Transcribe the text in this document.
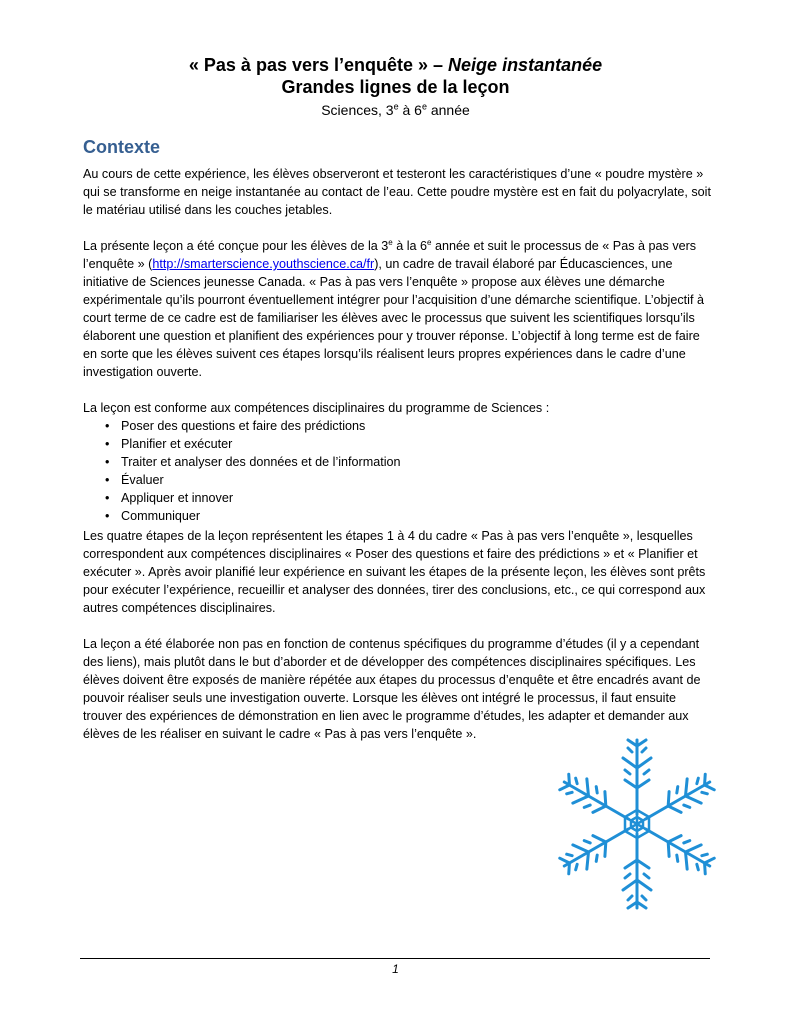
« Pas à pas vers l’enquête » – Neige instantanée

Grandes lignes de la leçon

Sciences, 3e à 6e année

Contexte

Au cours de cette expérience, les élèves observeront et testeront les caractéristiques d’une « poudre mystère » qui se transforme en neige instantanée au contact de l’eau. Cette poudre mystère est en fait du polyacrylate, soit le matériau utilisé dans les couches jetables.

La présente leçon a été conçue pour les élèves de la 3e à la 6e année et suit le processus de « Pas à pas vers l’enquête » (http://smarterscience.youthscience.ca/fr), un cadre de travail élaboré par Éducasciences, une initiative de Sciences jeunesse Canada. « Pas à pas vers l’enquête » propose aux élèves une démarche expérimentale qu’ils pourront éventuellement intégrer pour l’acquisition d’une démarche scientifique. L’objectif à court terme de ce cadre est de familiariser les élèves avec le processus que suivent les scientifiques lorsqu’ils élaborent une question et planifient des expériences pour y trouver réponse. L’objectif à long terme est de faire en sorte que les élèves suivent ces étapes lorsqu’ils réalisent leurs propres expériences dans le cadre d’une investigation ouverte.

La leçon est conforme aux compétences disciplinaires du programme de Sciences :

• Poser des questions et faire des prédictions
• Planifier et exécuter
• Traiter et analyser des données et de l’information
• Évaluer
• Appliquer et innover
• Communiquer

Les quatre étapes de la leçon représentent les étapes 1 à 4 du cadre « Pas à pas vers l’enquête », lesquelles correspondent aux compétences disciplinaires « Poser des questions et faire des prédictions » et « Planifier et exécuter ». Après avoir planifié leur expérience en suivant les étapes de la présente leçon, les élèves sont prêts pour exécuter l’expérience, recueillir et analyser des données, tirer des conclusions, etc., ce qui correspond aux autres compétences disciplinaires.

La leçon a été élaborée non pas en fonction de contenus spécifiques du programme d’études (il y a cependant des liens), mais plutôt dans le but d’aborder et de développer des compétences disciplinaires spécifiques. Les élèves doivent être exposés de manière répétée aux étapes du processus d’enquête et être encadrés avant de pouvoir réaliser seuls une investigation ouverte. Lorsque les élèves ont intégré le processus, il faut ensuite trouver des expériences de démonstration en lien avec le programme d’études, les adapter et demander aux élèves de les réaliser en suivant le cadre « Pas à pas vers l’enquête ».

1
